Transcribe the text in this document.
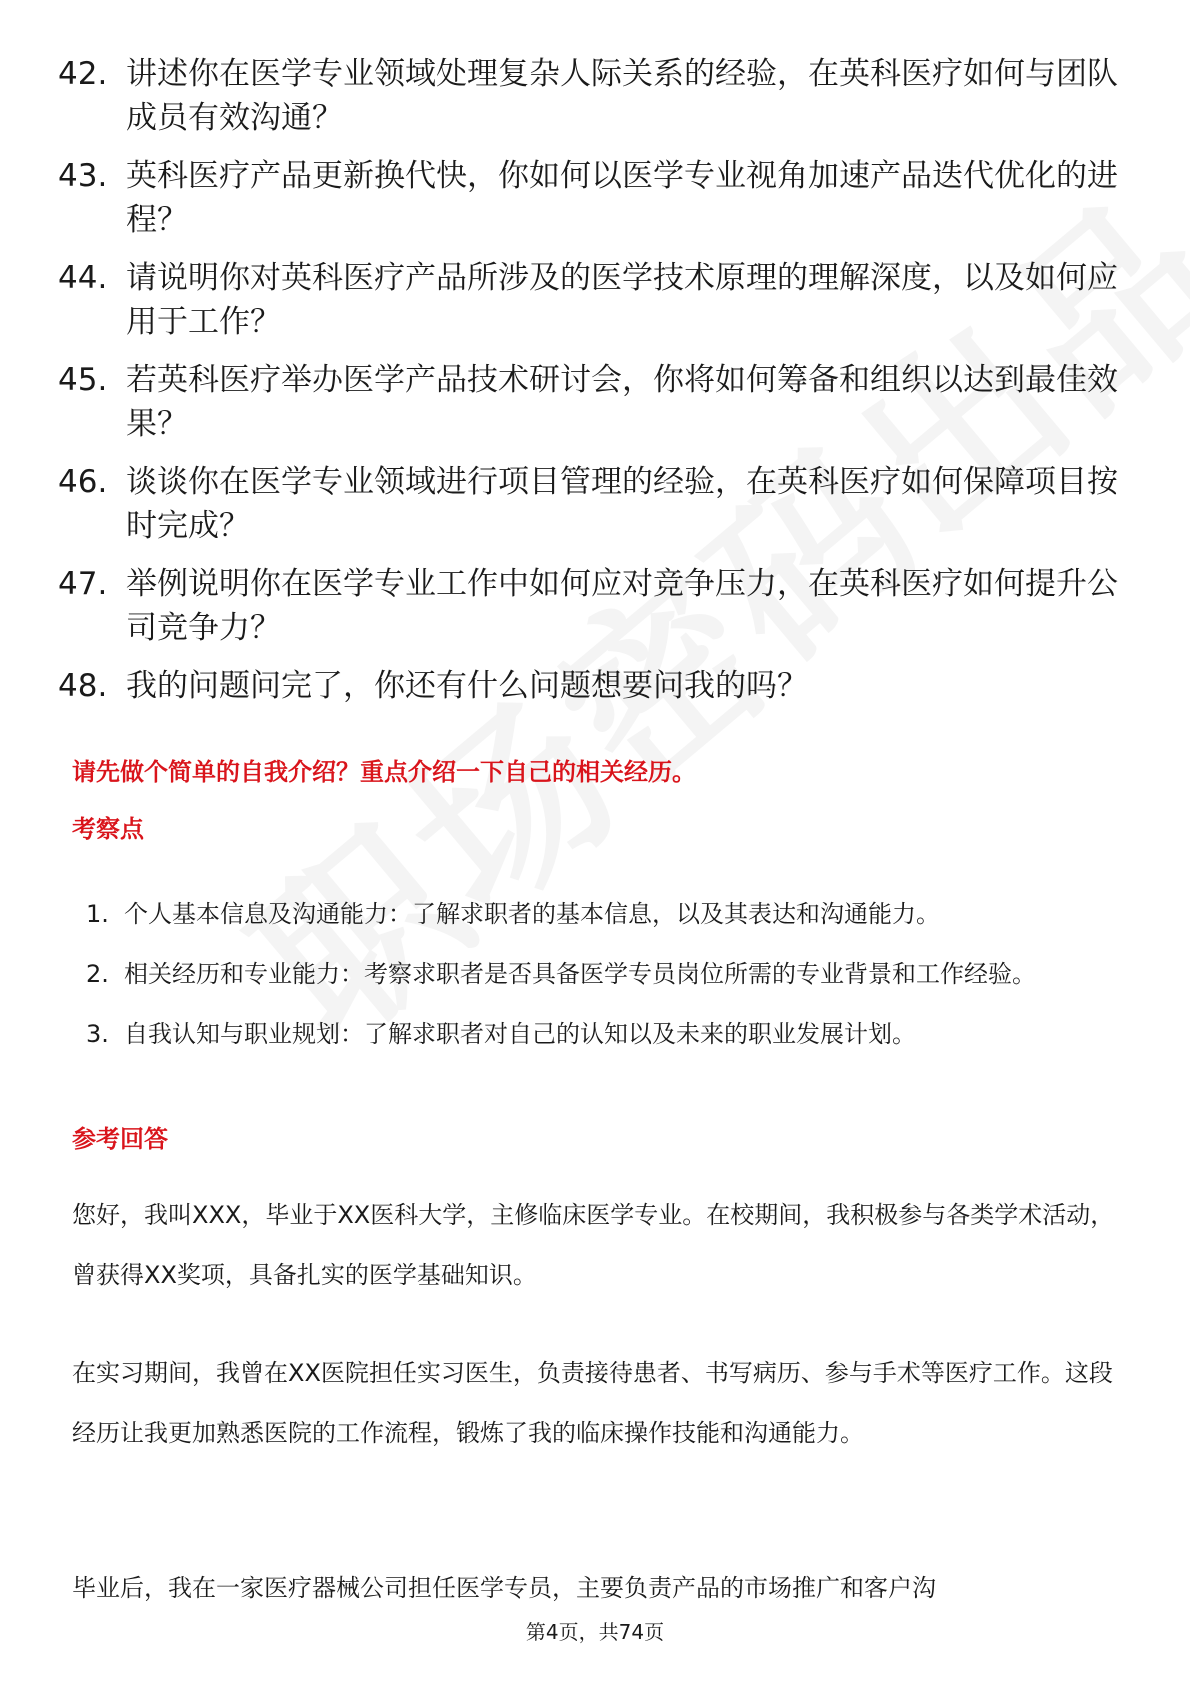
42. 讲述你在医学专业领域处理复杂人际关系的经验，在英科医疗如何与团队成员有效沟通？
43. 英科医疗产品更新换代快，你如何以医学专业视角加速产品迭代优化的进程？
44. 请说明你对英科医疗产品所涉及的医学技术原理的理解深度，以及如何应用于工作？
45. 若英科医疗举办医学产品技术研讨会，你将如何筹备和组织以达到最佳效果？
46. 谈谈你在医学专业领域进行项目管理的经验，在英科医疗如何保障项目按时完成？
47. 举例说明你在医学专业工作中如何应对竞争压力，在英科医疗如何提升公司竞争力？
48. 我的问题问完了，你还有什么问题想要问我的吗？
请先做个简单的自我介绍？重点介绍一下自己的相关经历。
考察点
1. 个人基本信息及沟通能力：了解求职者的基本信息，以及其表达和沟通能力。
2. 相关经历和专业能力：考察求职者是否具备医学专员岗位所需的专业背景和工作经验。
3. 自我认知与职业规划：了解求职者对自己的认知以及未来的职业发展计划。
参考回答
您好，我叫XXX，毕业于XX医科大学，主修临床医学专业。在校期间，我积极参与各类学术活动，曾获得XX奖项，具备扎实的医学基础知识。
在实习期间，我曾在XX医院担任实习医生，负责接待患者、书写病历、参与手术等医疗工作。这段经历让我更加熟悉医院的工作流程，锻炼了我的临床操作技能和沟通能力。
毕业后，我在一家医疗器械公司担任医学专员，主要负责产品的市场推广和客户沟
第4页，共74页
